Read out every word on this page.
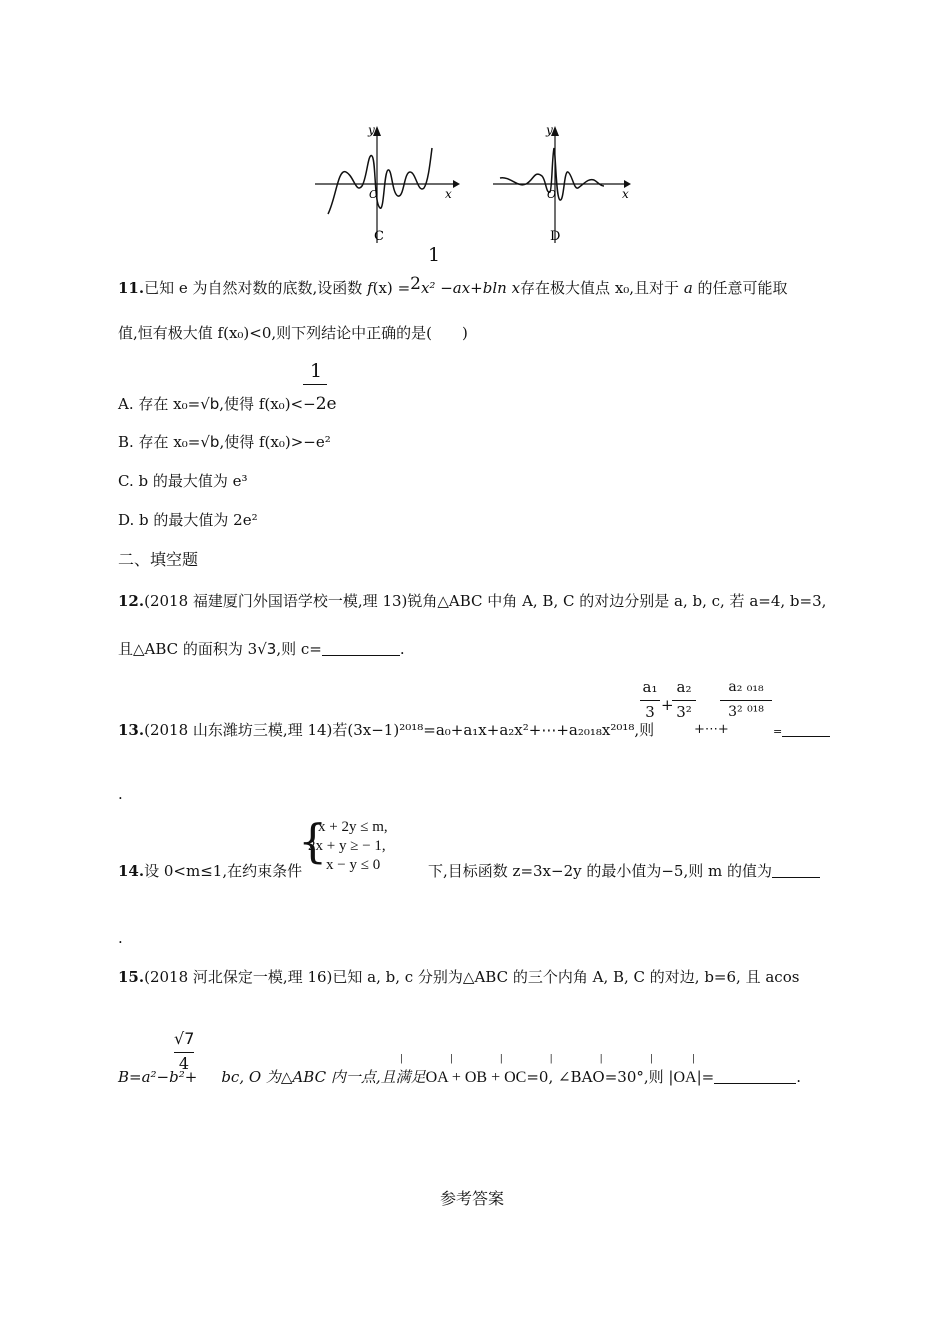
y
x
O
C
y
x
O
D
1
11.已知 e 为自然对数的底数,设函数 f(x) =2x² −ax+bln x存在极大值点 x₀,且对于 a 的任意可能取
值,恒有极大值 f(x₀)<0,则下列结论中正确的是(　　)
1
A. 存在 x₀=√b,使得 f(x₀)<−2e
B. 存在 x₀=√b,使得 f(x₀)>−e²
C. b 的最大值为 e³
D. b 的最大值为 2e²
二、填空题
12.(2018 福建厦门外国语学校一模,理 13)锐角△ABC 中角 A, B, C 的对边分别是 a, b, c, 若 a=4, b=3,
且△ABC 的面积为 3√3,则 c=	.
a₁
3 +
a₂
3²
a₂ ₀₁₈
3² ⁰¹⁸
13.(2018 山东潍坊三模,理 14)若(3x−1)²⁰¹⁸=a₀+a₁x+a₂x²+⋯+a₂₀₁₈x²⁰¹⁸,则	+⋯+	=
.
{
x + 2y ≤ m,
2x + y ≥ − 1,
x − y ≤ 0
14.设 0<m≤1,在约束条件	下,目标函数 z=3x−2y 的最小值为−5,则 m 的值为
.
15.(2018 河北保定一模,理 16)已知 a, b, c 分别为△ABC 的三个内角 A, B, C 的对边, b=6, 且 acos
√7
4	| | | | |	| |
B=a²−b²+ bc, O 为△ABC 内一点,且满足OA + OB + OC=0, ∠BAO=30°,则 |OA|=	.
参考答案
